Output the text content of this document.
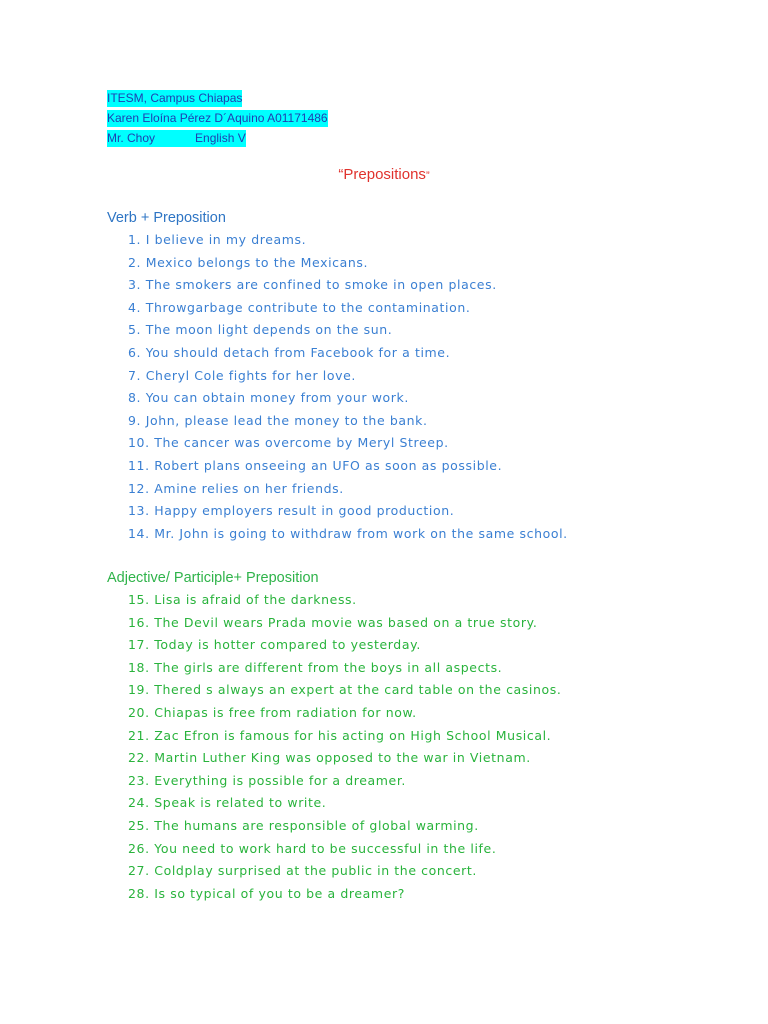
ITESM, Campus Chiapas
Karen Eloína Pérez D´Aquino A01171486
Mr. Choy            English V
“Prepositions”
Verb + Preposition
1. I believe in my dreams.
2. Mexico belongs to the Mexicans.
3. The smokers are confined to smoke in open places.
4. Throwgarbage contribute to the contamination.
5. The moon light depends on the sun.
6. You should detach from Facebook for a time.
7. Cheryl Cole fights for her love.
8. You can obtain money from your work.
9. John, please lead the money to the bank.
10. The cancer was overcome by Meryl Streep.
11. Robert plans onseeing an UFO as soon as possible.
12. Amine relies on her friends.
13. Happy employers result in good production.
14. Mr. John is going to withdraw from work on the same school.
Adjective/ Participle+ Preposition
15. Lisa is afraid of the darkness.
16. The Devil wears Prada movie was based on a true story.
17. Today is hotter compared to yesterday.
18. The girls are different from the boys in all aspects.
19. Thered s always an expert at the card table on the casinos.
20. Chiapas is free from radiation for now.
21. Zac Efron is famous for his acting on High School Musical.
22. Martin Luther King was opposed to the war in Vietnam.
23. Everything is possible for a dreamer.
24. Speak is related to write.
25. The humans are responsible of global warming.
26. You need to work hard to be successful in the life.
27. Coldplay surprised at the public in the concert.
28. Is so typical of you to be a dreamer?
